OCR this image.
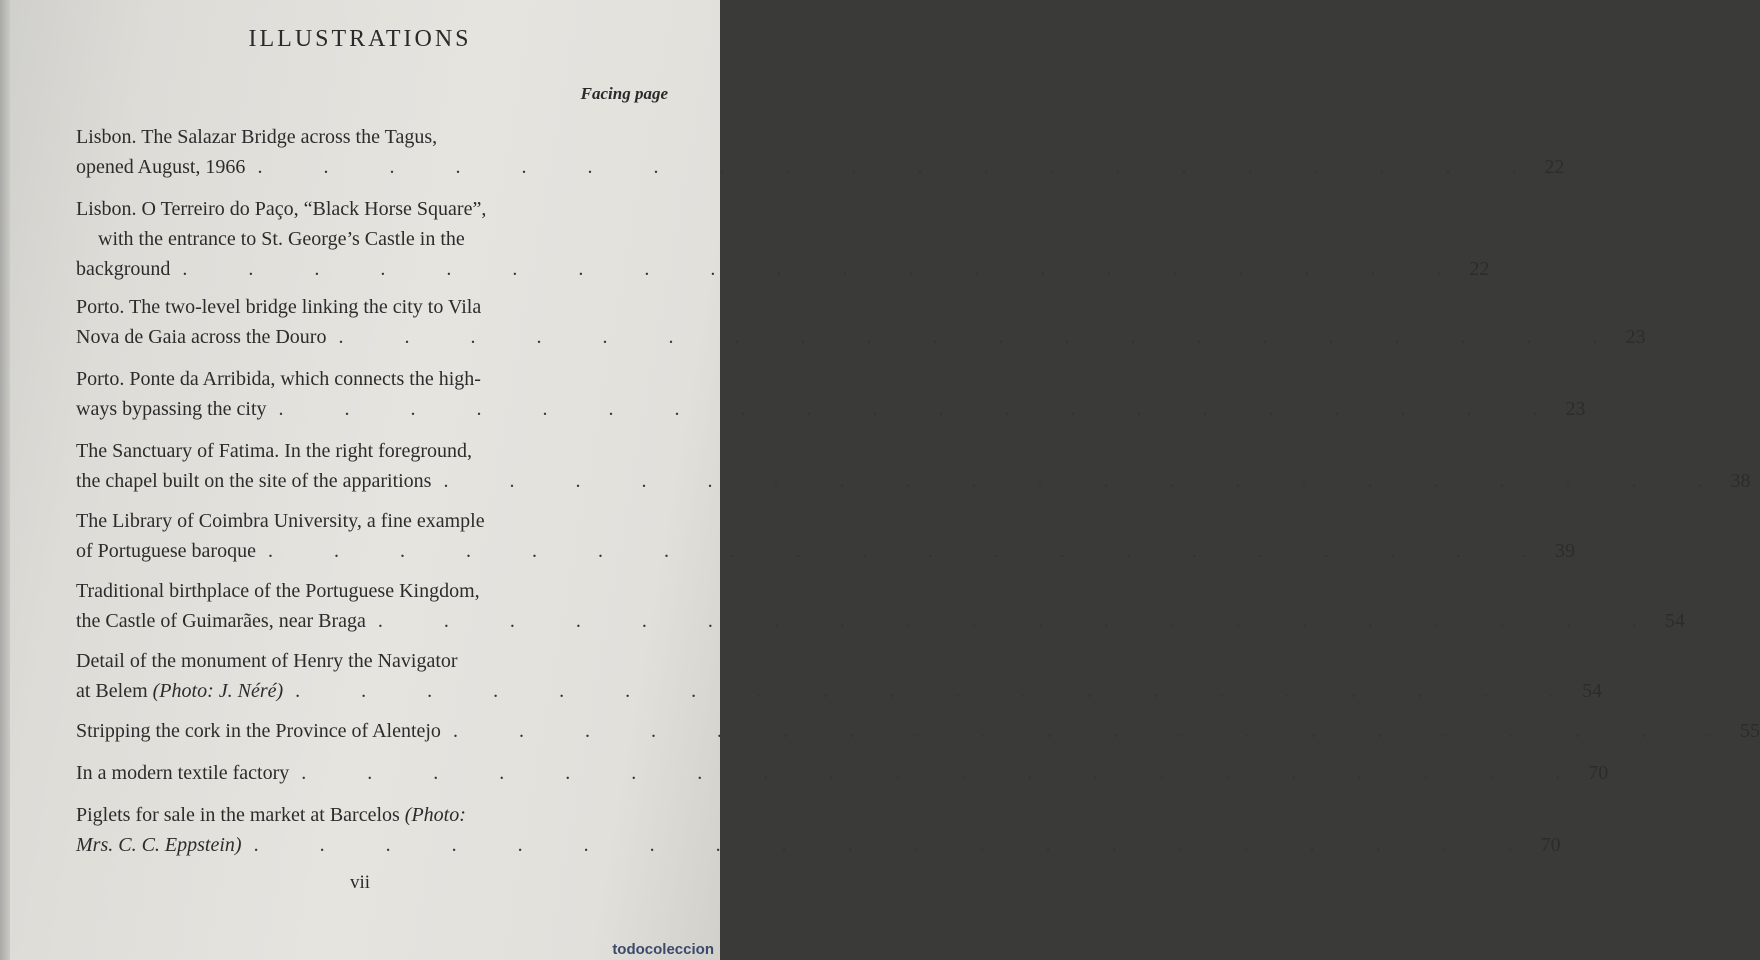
ILLUSTRATIONS
Facing page
Lisbon. The Salazar Bridge across the Tagus,
opened August, 1966 . . . . . . . . . . . . . . . . . . . . 22
Lisbon. O Terreiro do Paço, “Black Horse Square”,
with the entrance to St. George’s Castle in the
background . . . . . . . . . . . . . . . . . . . . 22
Porto. The two-level bridge linking the city to Vila
Nova de Gaia across the Douro . . . . . . . . . . . . . . . . . . . . 23
Porto. Ponte da Arribida, which connects the high-
ways bypassing the city . . . . . . . . . . . . . . . . . . . . 23
The Sanctuary of Fatima. In the right foreground,
the chapel built on the site of the apparitions . . . . . . . . . . . . . . . . . . . . 38
The Library of Coimbra University, a fine example
of Portuguese baroque . . . . . . . . . . . . . . . . . . . . 39
Traditional birthplace of the Portuguese Kingdom,
the Castle of Guimarães, near Braga . . . . . . . . . . . . . . . . . . . . 54
Detail of the monument of Henry the Navigator
at Belem (Photo: J. Néré) . . . . . . . . . . . . . . . . . . . . 54
Stripping the cork in the Province of Alentejo . . . . . . . . . . . . . . . . . . . . 55
In a modern textile factory . . . . . . . . . . . . . . . . . . . . 70
Piglets for sale in the market at Barcelos (Photo:
Mrs. C. C. Eppstein) . . . . . . . . . . . . . . . . . . . . 70
vii
todocoleccion
